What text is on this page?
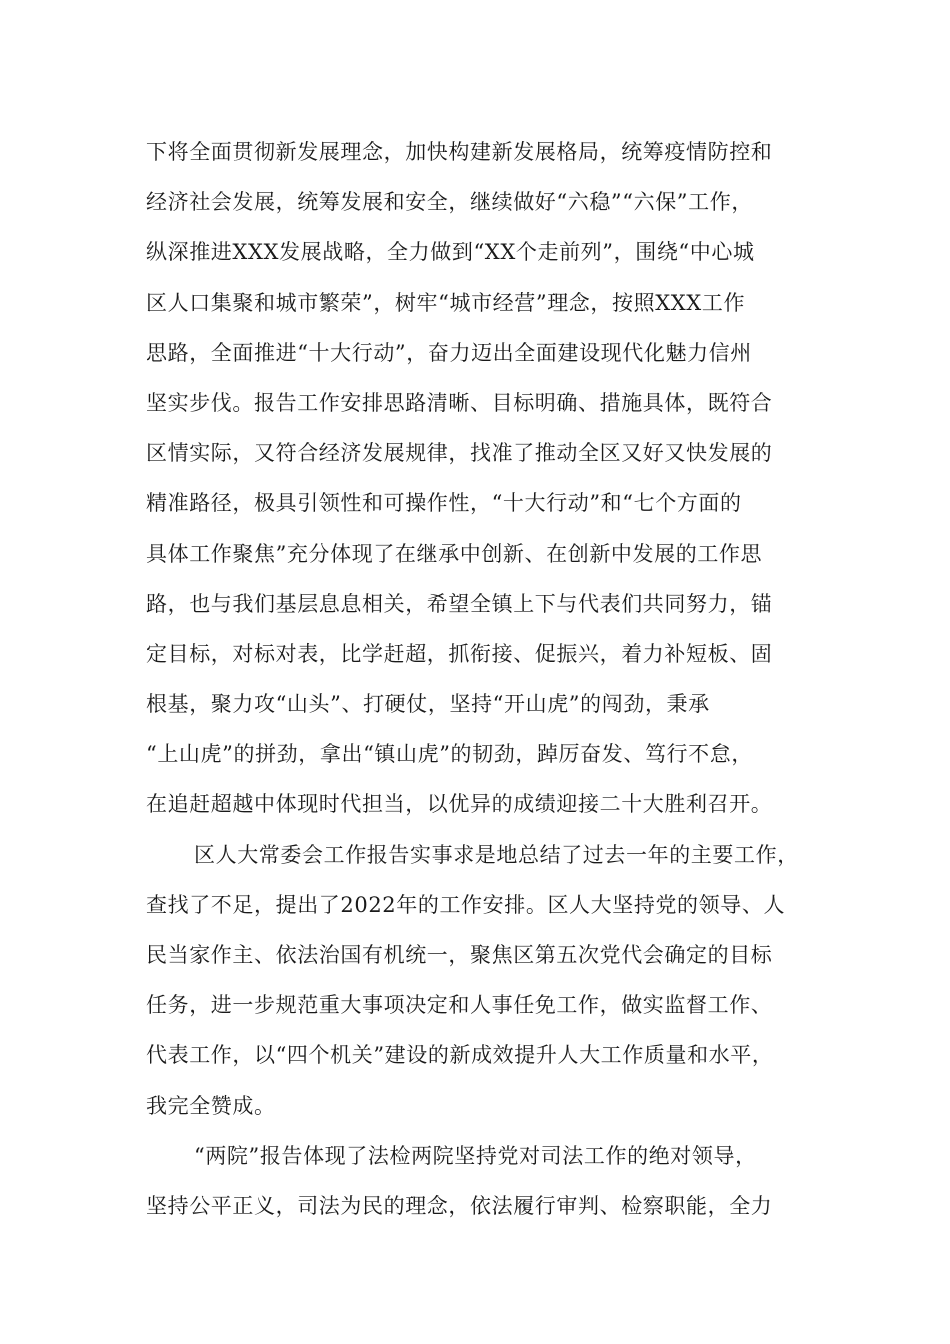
下将全面贯彻新发展理念，加快构建新发展格局，统筹疫情防控和
经济社会发展，统筹发展和安全，继续做好“六稳”“六保”工作，
纵深推进XXX发展战略，全力做到“XX个走前列”，围绕“中心城
区人口集聚和城市繁荣”，树牢“城市经营”理念，按照XXX工作
思路，全面推进“十大行动”，奋力迈出全面建设现代化魅力信州
坚实步伐。报告工作安排思路清晰、目标明确、措施具体，既符合
区情实际，又符合经济发展规律，找准了推动全区又好又快发展的
精准路径，极具引领性和可操作性，“十大行动”和“七个方面的
具体工作聚焦”充分体现了在继承中创新、在创新中发展的工作思
路，也与我们基层息息相关，希望全镇上下与代表们共同努力，锚
定目标，对标对表，比学赶超，抓衔接、促振兴，着力补短板、固
根基，聚力攻“山头”、打硬仗，坚持“开山虎”的闯劲，秉承
“上山虎”的拼劲，拿出“镇山虎”的韧劲，踔厉奋发、笃行不怠，
在追赶超越中体现时代担当，以优异的成绩迎接二十大胜利召开。
区人大常委会工作报告实事求是地总结了过去一年的主要工作，
查找了不足，提出了2022年的工作安排。区人大坚持党的领导、人
民当家作主、依法治国有机统一，聚焦区第五次党代会确定的目标
任务，进一步规范重大事项决定和人事任免工作，做实监督工作、
代表工作，以“四个机关”建设的新成效提升人大工作质量和水平，
我完全赞成。
“两院”报告体现了法检两院坚持党对司法工作的绝对领导，
坚持公平正义，司法为民的理念，依法履行审判、检察职能，全力
